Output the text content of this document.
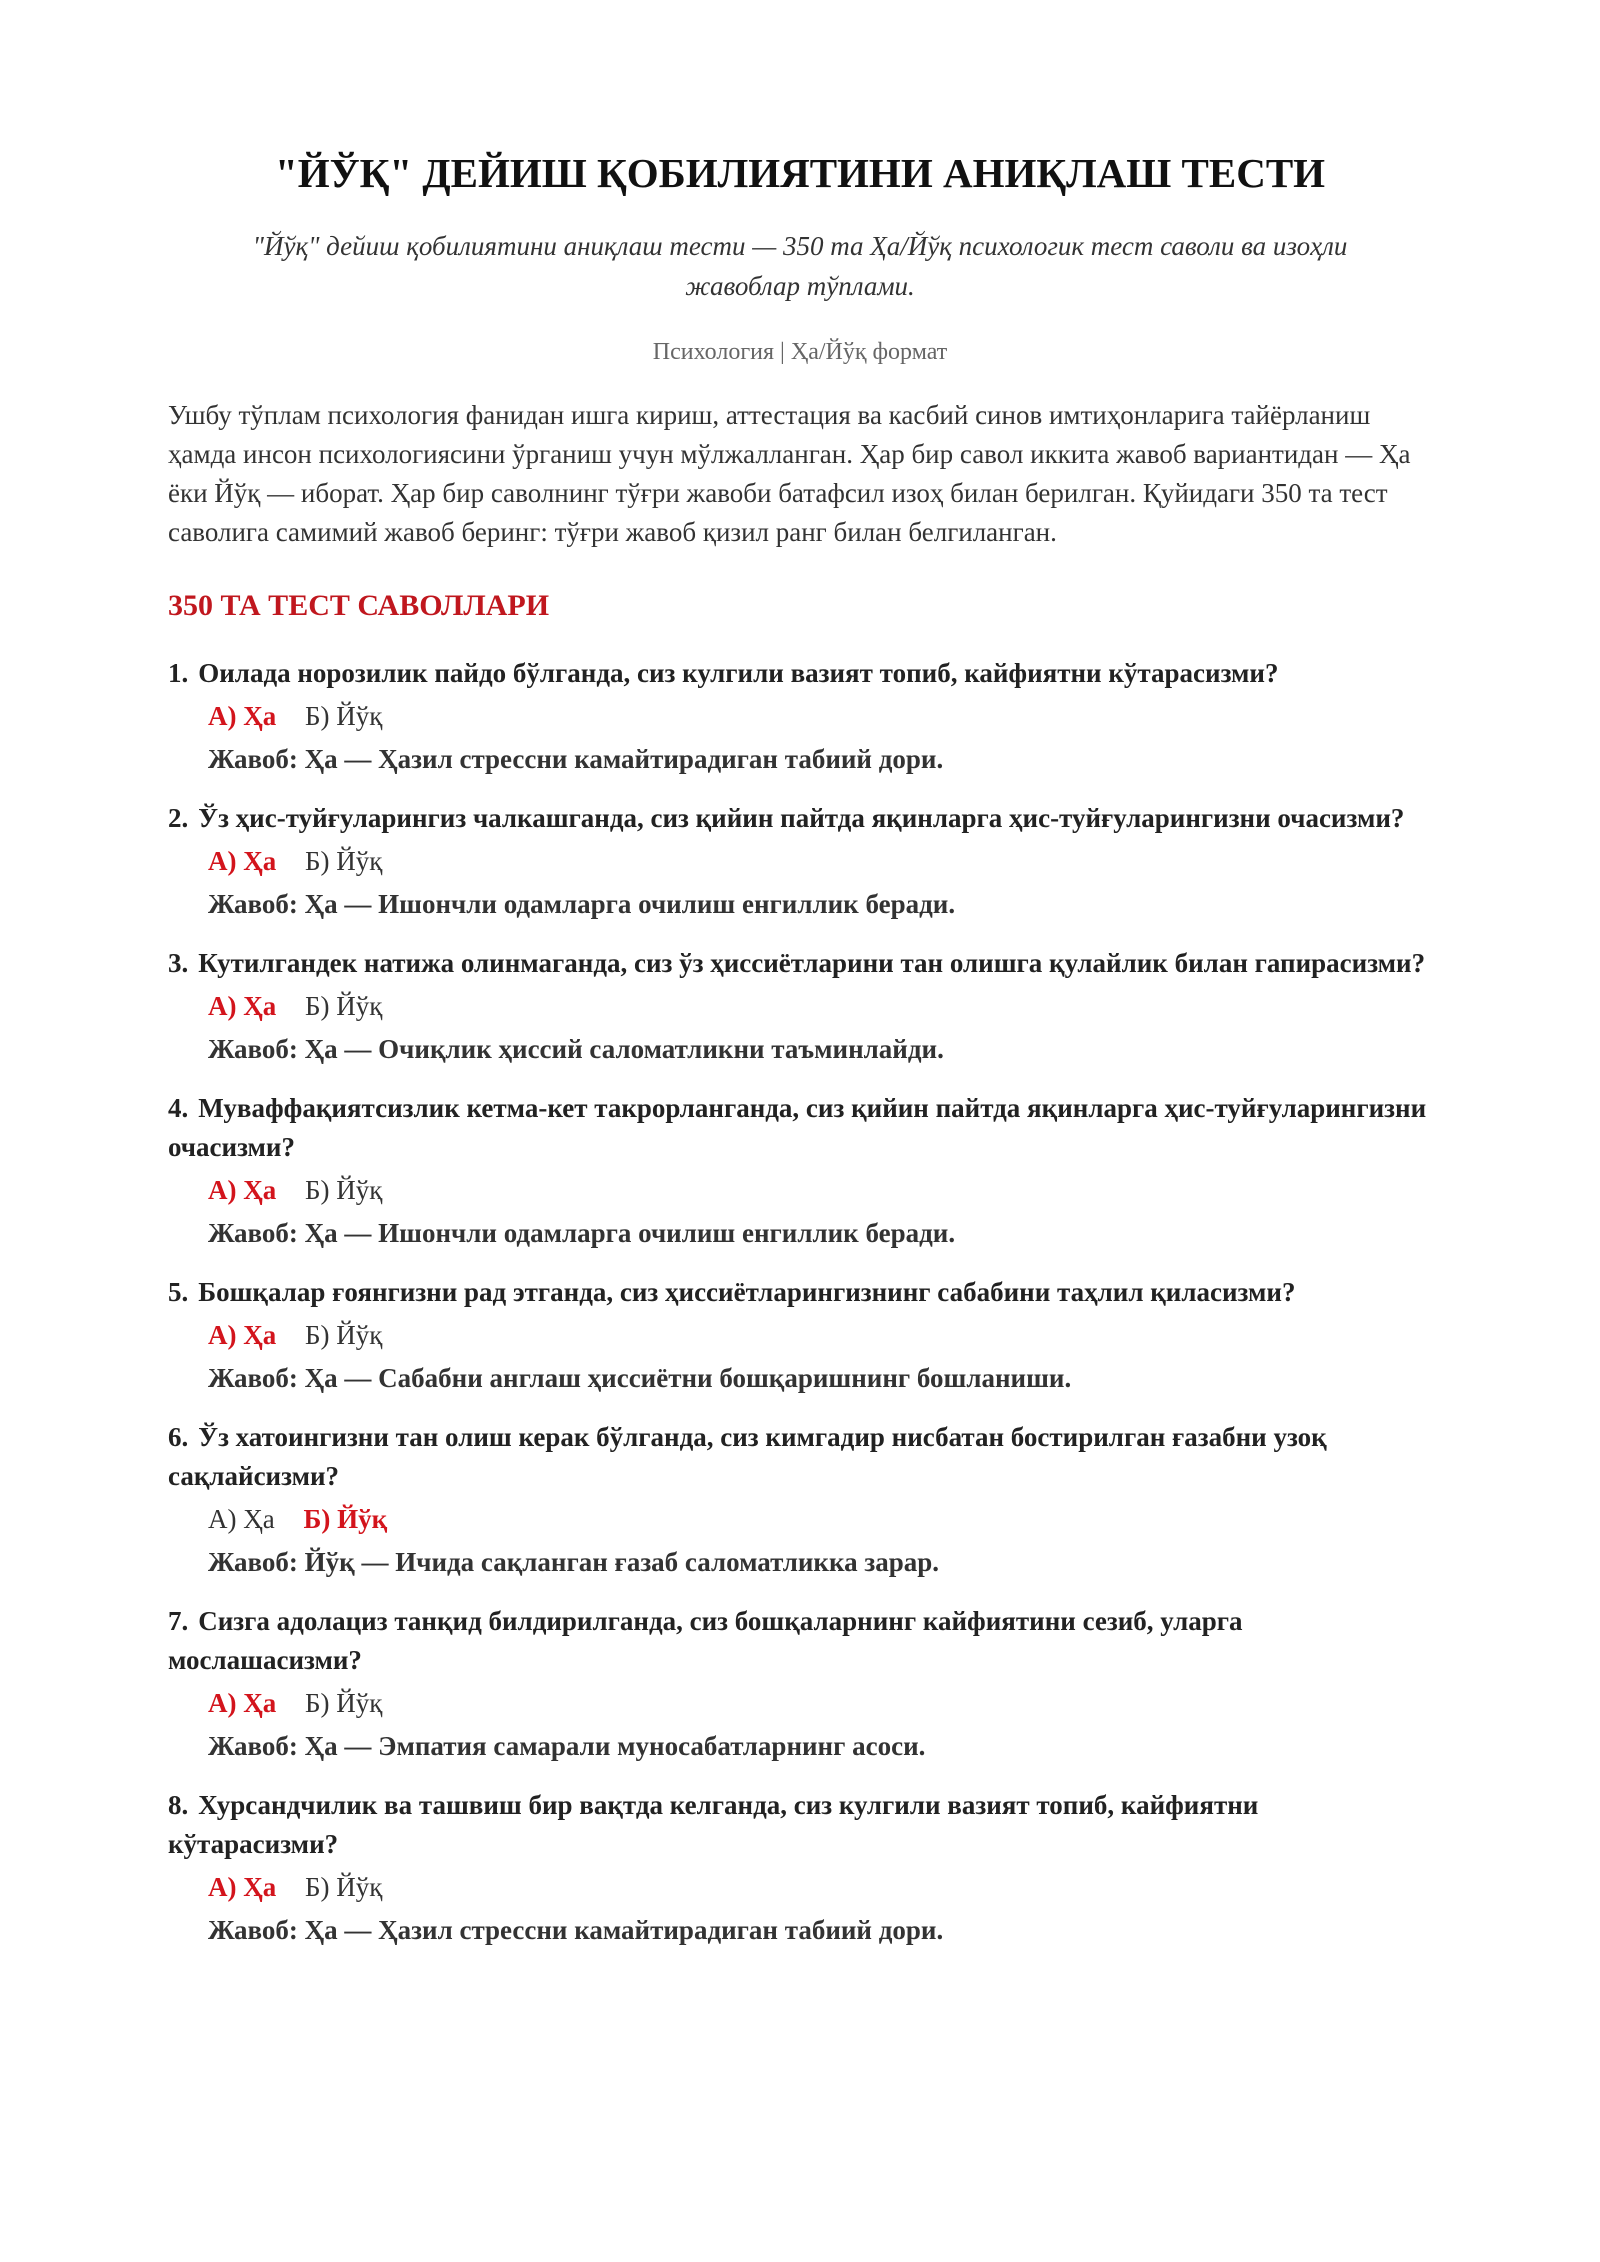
"ЙЎҚ" ДЕЙИШ ҚОБИЛИЯТИНИ АНИҚЛАШ ТЕСТИ
"Йўқ" дейиш қобилиятини аниқлаш тести — 350 та Ҳа/Йўқ психологик тест саволи ва изоҳли жавоблар тўплами.
Психология | Ҳа/Йўқ формат

Ушбу тўплам психология фанидан ишга кириш, аттестация ва касбий синов имтиҳонларига тайёрланиш ҳамда инсон психологиясини ўрганиш учун мўлжалланган. Ҳар бир савол иккита жавоб вариантидан — Ҳа ёки Йўқ — иборат. Ҳар бир саволнинг тўғри жавоби батафсил изоҳ билан берилган. Қуйидаги 350 та тест саволига самимий жавоб беринг: тўғри жавоб қизил ранг билан белгиланган.

350 ТА ТЕСТ САВОЛЛАРИ
1. Оилада норозилик пайдо бўлганда, сиз кулгили вазият топиб, кайфиятни кўтарасизми?
А) Ҳа Б) Йўқ
Жавоб: Ҳа — Ҳазил стрессни камайтирадиган табиий дори.
2. Ўз ҳис-туйғуларингиз чалкашганда, сиз қийин пайтда яқинларга ҳис-туйғуларингизни очасизми?
А) Ҳа Б) Йўқ
Жавоб: Ҳа — Ишончли одамларга очилиш енгиллик беради.
3. Кутилгандек натижа олинмаганда, сиз ўз ҳиссиётларини тан олишга қулайлик билан гапирасизми?
А) Ҳа Б) Йўқ
Жавоб: Ҳа — Очиқлик ҳиссий саломатликни таъминлайди.
4. Муваффақиятсизлик кетма-кет такрорланганда, сиз қийин пайтда яқинларга ҳис-туйғуларингизни очасизми?
А) Ҳа Б) Йўқ
Жавоб: Ҳа — Ишончли одамларга очилиш енгиллик беради.
5. Бошқалар ғоянгизни рад этганда, сиз ҳиссиётларингизнинг сабабини таҳлил қиласизми?
А) Ҳа Б) Йўқ
Жавоб: Ҳа — Сабабни англаш ҳиссиётни бошқаришнинг бошланиши.
6. Ўз хатоингизни тан олиш керак бўлганда, сиз кимгадир нисбатан бостирилган ғазабни узоқ сақлайсизми?
А) Ҳа Б) Йўқ
Жавоб: Йўқ — Ичида сақланган ғазаб саломатликка зарар.
7. Сизга адолациз танқид билдирилганда, сиз бошқаларнинг кайфиятини сезиб, уларга мослашасизми?
А) Ҳа Б) Йўқ
Жавоб: Ҳа — Эмпатия самарали муносабатларнинг асоси.
8. Хурсандчилик ва ташвиш бир вақтда келганда, сиз кулгили вазият топиб, кайфиятни кўтарасизми?
А) Ҳа Б) Йўқ
Жавоб: Ҳа — Ҳазил стрессни камайтирадиган табиий дори.
